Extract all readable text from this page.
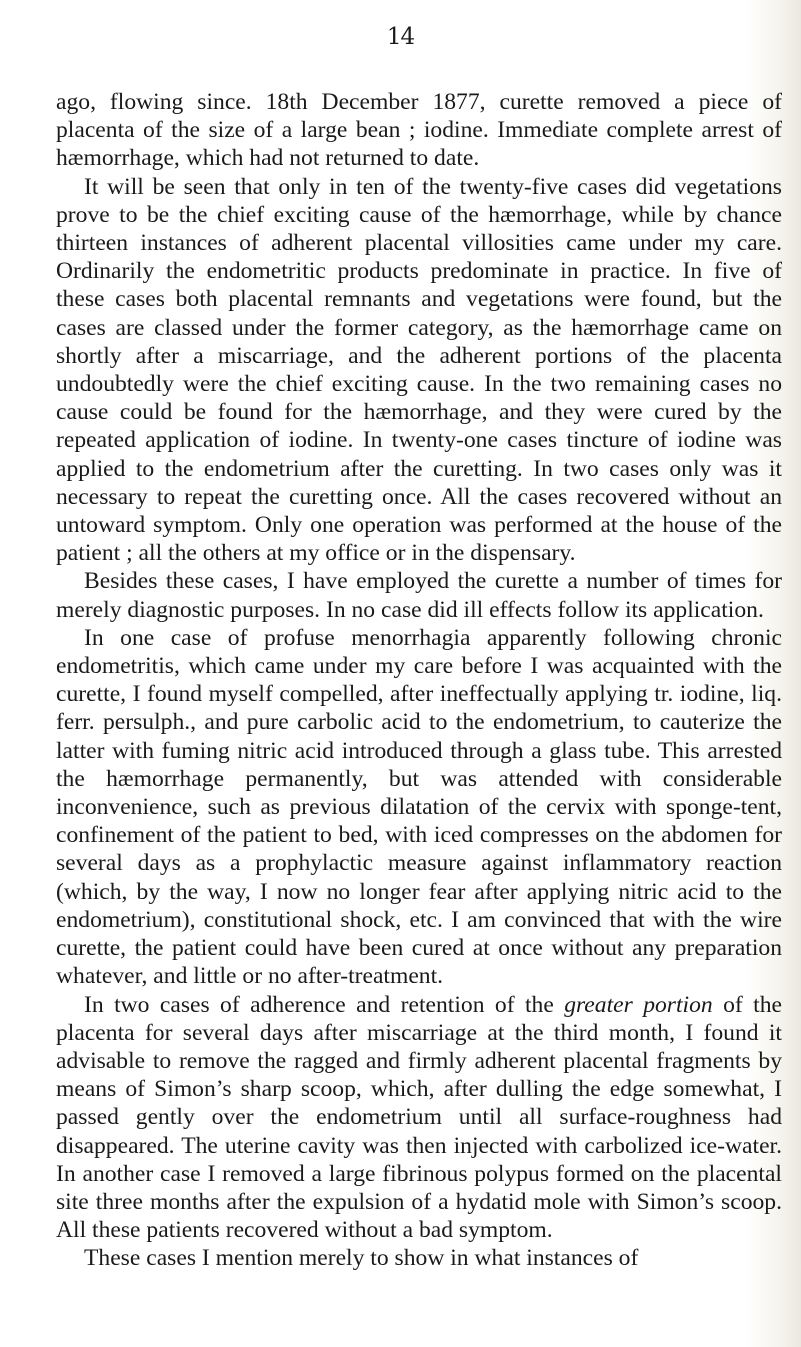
14

ago, flowing since. 18th December 1877, curette removed a piece of placenta of the size of a large bean ; iodine. Immediate complete arrest of hæmorrhage, which had not returned to date.

It will be seen that only in ten of the twenty-five cases did vegetations prove to be the chief exciting cause of the hæmorrhage, while by chance thirteen instances of adherent placental villosities came under my care. Ordinarily the endometritic products predominate in practice. In five of these cases both placental remnants and vegetations were found, but the cases are classed under the former category, as the hæmorrhage came on shortly after a miscarriage, and the adherent portions of the placenta undoubtedly were the chief exciting cause. In the two remaining cases no cause could be found for the hæmorrhage, and they were cured by the repeated application of iodine. In twenty-one cases tincture of iodine was applied to the endometrium after the curetting. In two cases only was it necessary to repeat the curetting once. All the cases recovered without an untoward symptom. Only one operation was performed at the house of the patient ; all the others at my office or in the dispensary.

Besides these cases, I have employed the curette a number of times for merely diagnostic purposes. In no case did ill effects follow its application.

In one case of profuse menorrhagia apparently following chronic endometritis, which came under my care before I was acquainted with the curette, I found myself compelled, after ineffectually applying tr. iodine, liq. ferr. persulph., and pure carbolic acid to the endometrium, to cauterize the latter with fuming nitric acid introduced through a glass tube. This arrested the hæmorrhage permanently, but was attended with considerable inconvenience, such as previous dilatation of the cervix with sponge-tent, confinement of the patient to bed, with iced compresses on the abdomen for several days as a prophylactic measure against inflammatory reaction (which, by the way, I now no longer fear after applying nitric acid to the endometrium), constitutional shock, etc. I am convinced that with the wire curette, the patient could have been cured at once without any preparation whatever, and little or no after-treatment.

In two cases of adherence and retention of the greater portion of the placenta for several days after miscarriage at the third month, I found it advisable to remove the ragged and firmly adherent placental fragments by means of Simon’s sharp scoop, which, after dulling the edge somewhat, I passed gently over the endometrium until all surface-roughness had disappeared. The uterine cavity was then injected with carbolized ice-water. In another case I removed a large fibrinous polypus formed on the placental site three months after the expulsion of a hydatid mole with Simon’s scoop. All these patients recovered without a bad symptom.

These cases I mention merely to show in what instances of
